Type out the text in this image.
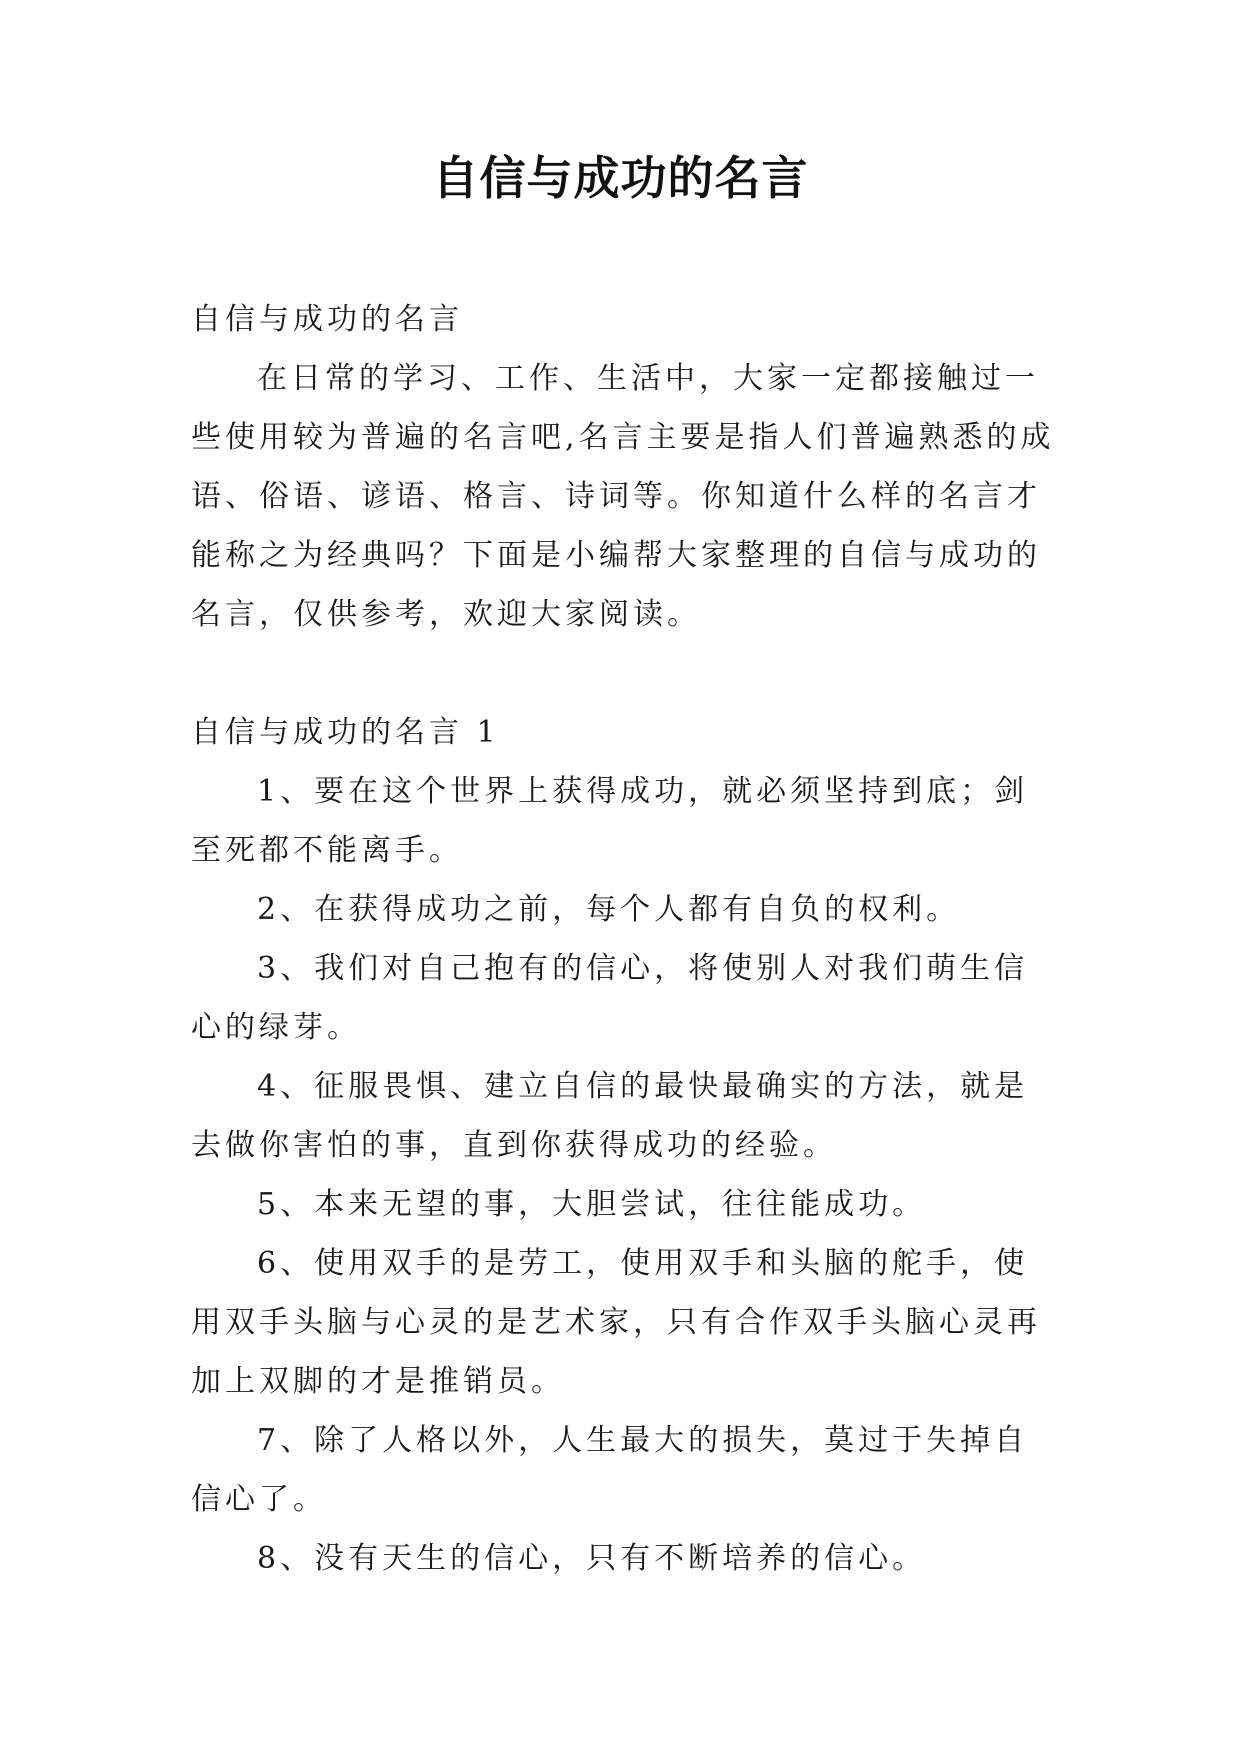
自信与成功的名言

自信与成功的名言

在日常的学习、工作、生活中，大家一定都接触过一些使用较为普遍的名言吧,名言主要是指人们普遍熟悉的成语、俗语、谚语、格言、诗词等。你知道什么样的名言才能称之为经典吗？下面是小编帮大家整理的自信与成功的名言，仅供参考，欢迎大家阅读。

自信与成功的名言 1

1、要在这个世界上获得成功，就必须坚持到底；剑至死都不能离手。

2、在获得成功之前，每个人都有自负的权利。

3、我们对自己抱有的信心，将使别人对我们萌生信心的绿芽。

4、征服畏惧、建立自信的最快最确实的方法，就是去做你害怕的事，直到你获得成功的经验。

5、本来无望的事，大胆尝试，往往能成功。

6、使用双手的是劳工，使用双手和头脑的舵手，使用双手头脑与心灵的是艺术家，只有合作双手头脑心灵再加上双脚的才是推销员。

7、除了人格以外，人生最大的损失，莫过于失掉自信心了。

8、没有天生的信心，只有不断培养的信心。
